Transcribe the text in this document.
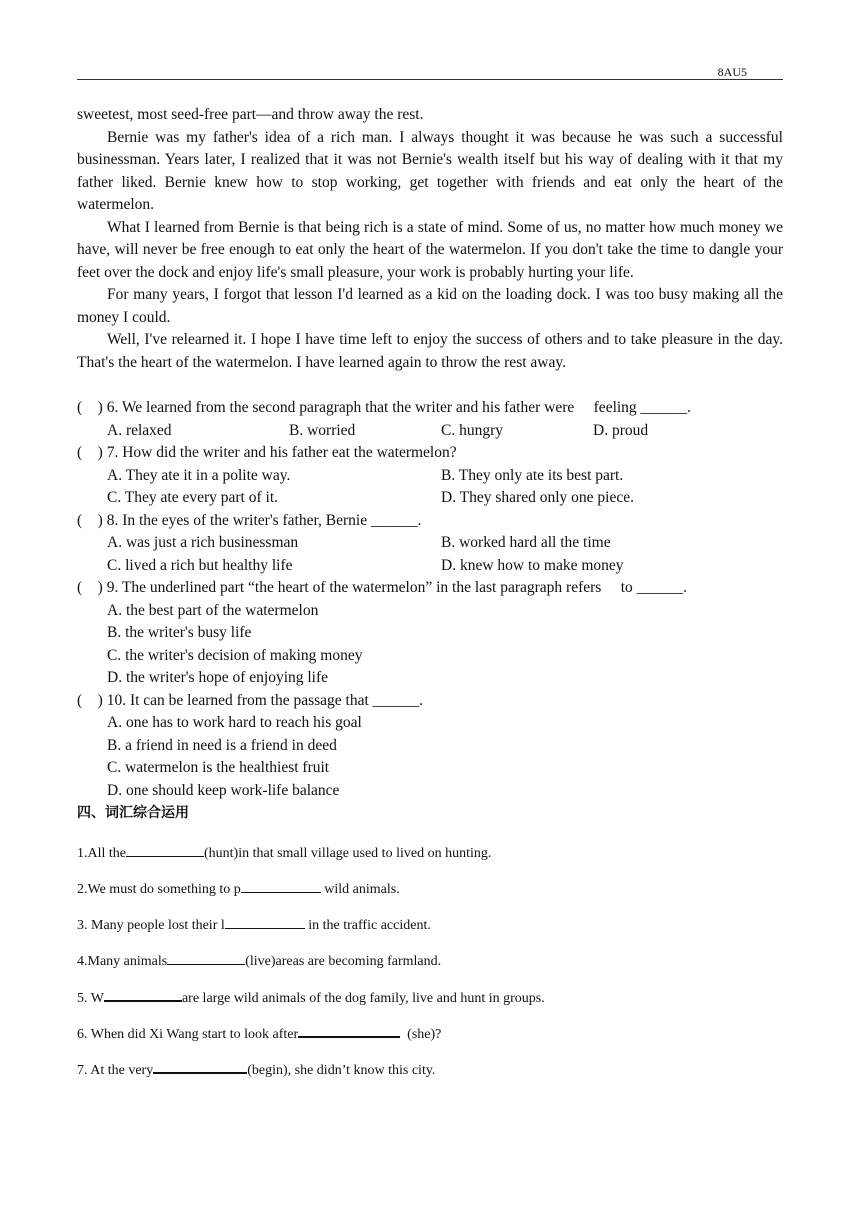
8AU5

sweetest, most seed-free part—and throw away the rest.

Bernie was my father's idea of a rich man. I always thought it was because he was such a successful businessman. Years later, I realized that it was not Bernie's wealth itself but his way of dealing with it that my father liked. Bernie knew how to stop working, get together with friends and eat only the heart of the watermelon.

What I learned from Bernie is that being rich is a state of mind. Some of us, no matter how much money we have, will never be free enough to eat only the heart of the watermelon. If you don't take the time to dangle your feet over the dock and enjoy life's small pleasure, your work is probably hurting your life.

For many years, I forgot that lesson I'd learned as a kid on the loading dock. I was too busy making all the money I could.

Well, I've relearned it. I hope I have time left to enjoy the success of others and to take pleasure in the day. That's the heart of the watermelon. I have learned again to throw the rest away.

(    ) 6. We learned from the second paragraph that the writer and his father were     feeling ______.
A. relaxed	B. worried	C. hungry	D. proud
(    ) 7. How did the writer and his father eat the watermelon?
A. They ate it in a polite way.	B. They only ate its best part.
C. They ate every part of it.	D. They shared only one piece.
(    ) 8. In the eyes of the writer's father, Bernie ______.
A. was just a rich businessman	B. worked hard all the time
C. lived a rich but healthy life	D. knew how to make money
(    ) 9. The underlined part “the heart of the watermelon” in the last paragraph refers     to ______.
A. the best part of the watermelon
B. the writer's busy life
C. the writer's decision of making money
D. the writer's hope of enjoying life
(    ) 10. It can be learned from the passage that ______.
A. one has to work hard to reach his goal
B. a friend in need is a friend in deed
C. watermelon is the healthiest fruit
D. one should keep work-life balance
四、词汇综合运用
1.All the	(hunt)in that small village used to lived on hunting.
2.We must do something to p	wild animals.
3. Many people lost their l	in the traffic accident.
4.Many animals	(live)areas are becoming farmland.
5. W	are large wild animals of the dog family, live and hunt in groups.
6. When did Xi Wang start to look after	(she)?
7. At the very	(begin), she didn’t know this city.
